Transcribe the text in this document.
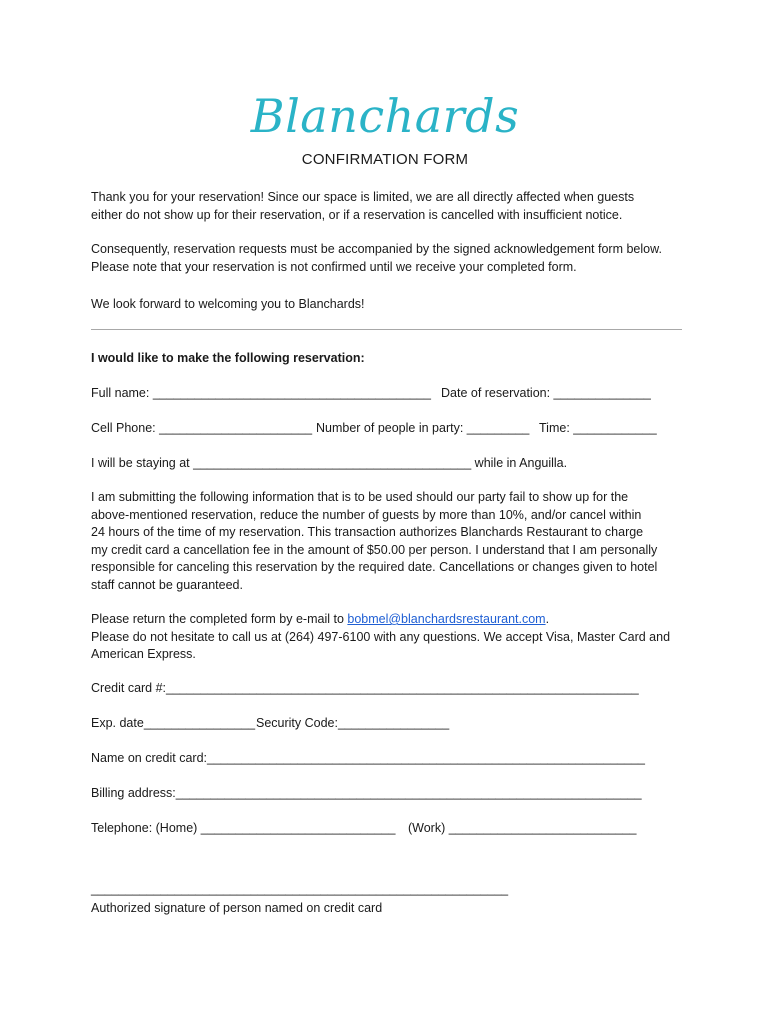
Blanchards
CONFIRMATION FORM
Thank you for your reservation! Since our space is limited, we are all directly affected when guests
either do not show up for their reservation, or if a reservation is cancelled with insufficient notice.
Consequently, reservation requests must be accompanied by the signed acknowledgement form below.
Please note that your reservation is not confirmed until we receive your completed form.
We look forward to welcoming you to Blanchards!
I would like to make the following reservation:
Full name: ________________________________________ Date of reservation: ______________
Cell Phone: ______________________ Number of people in party: _________ Time: ____________
I will be staying at ________________________________________ while in Anguilla.
I am submitting the following information that is to be used should our party fail to show up for the
above-mentioned reservation, reduce the number of guests by more than 10%, and/or cancel within
24 hours of the time of my reservation. This transaction authorizes Blanchards Restaurant to charge
my credit card a cancellation fee in the amount of $50.00 per person. I understand that I am personally
responsible for canceling this reservation by the required date. Cancellations or changes given to hotel
staff cannot be guaranteed.
Please return the completed form by e-mail to bobmel@blanchardsrestaurant.com.
Please do not hesitate to call us at (264) 497-6100 with any questions. We accept Visa, Master Card and
American Express.
Credit card #:____________________________________________________________________
Exp. date________________ Security Code:________________
Name on credit card:_______________________________________________________________
Billing address:___________________________________________________________________
Telephone: (Home) ____________________________ (Work) ___________________________
____________________________________________________________
Authorized signature of person named on credit card
